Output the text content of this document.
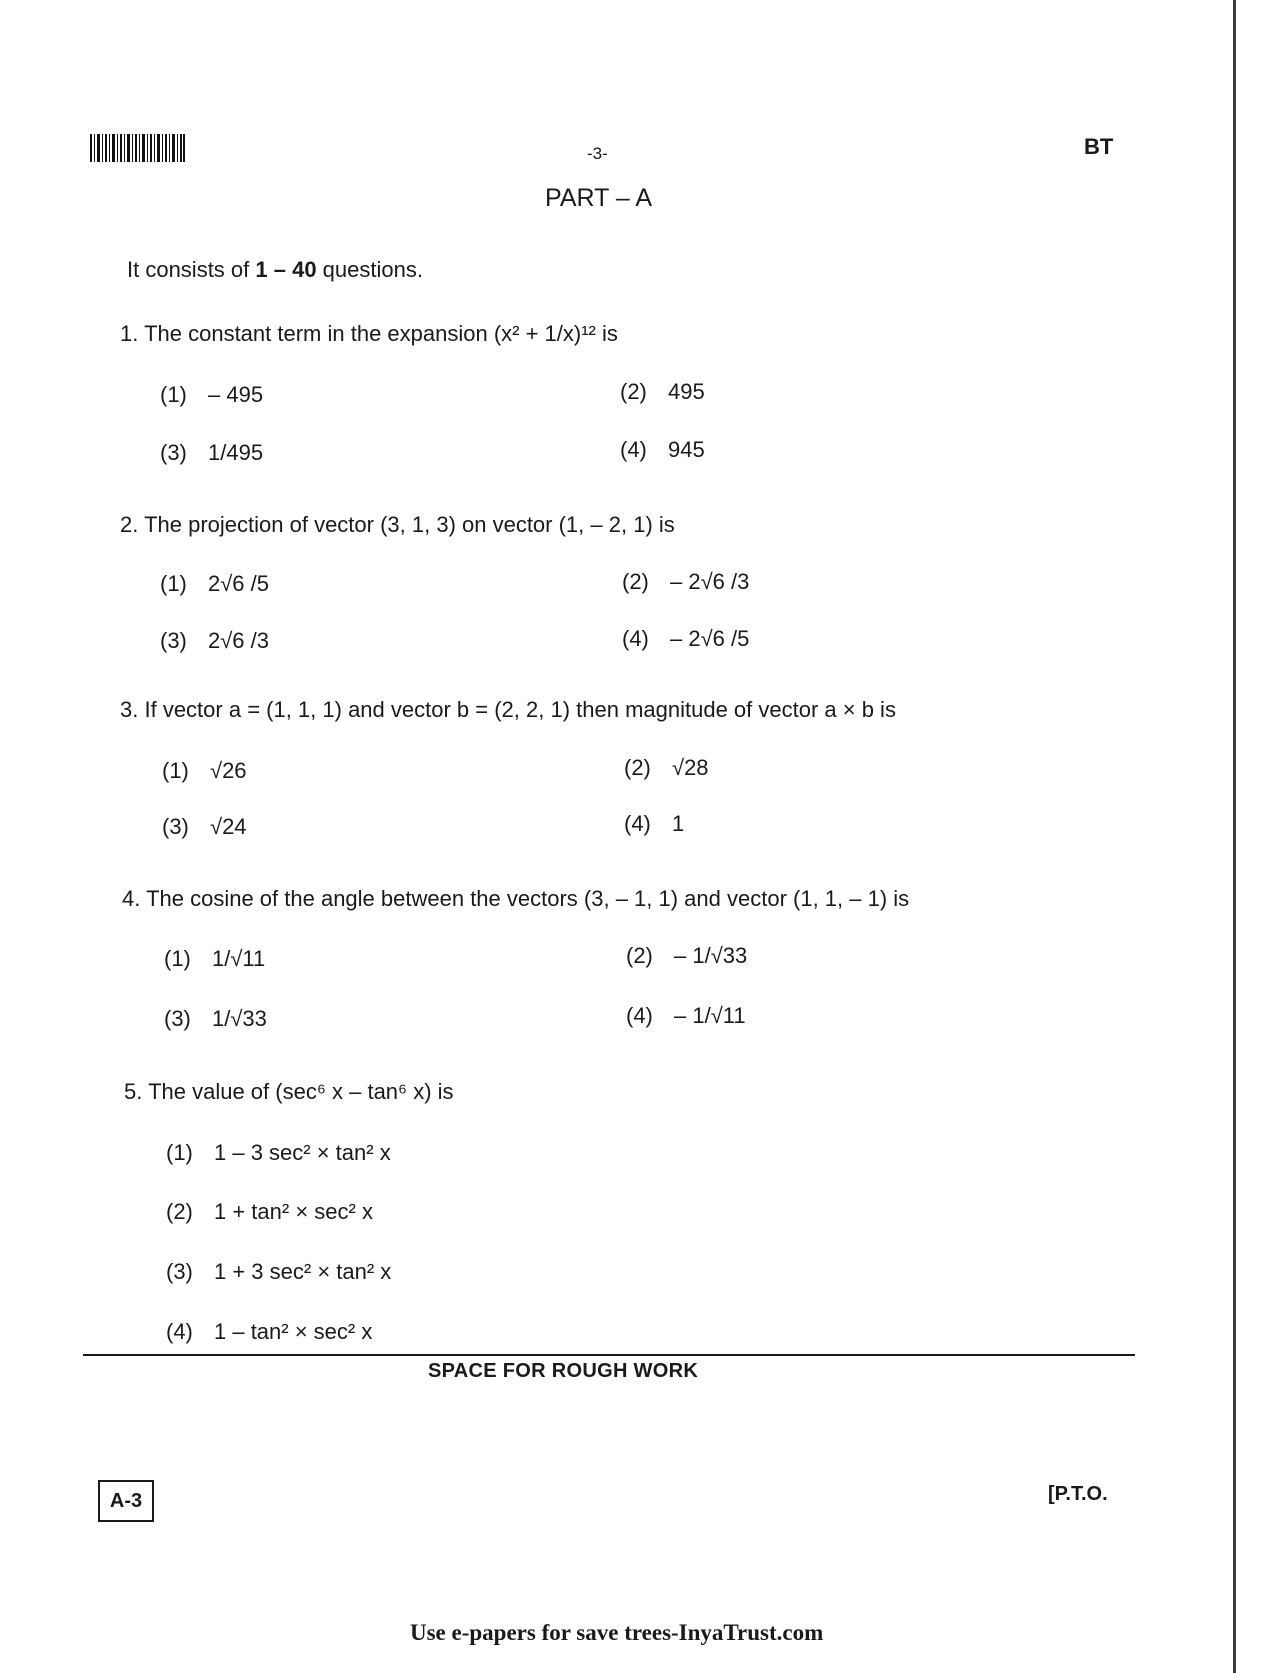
-3-	BT
PART – A
It consists of 1 – 40 questions.
1. The constant term in the expansion (x² + 1/x)¹² is
(1) – 495	(2) 495
(3) 1/495	(4) 945
2. The projection of vector (3, 1, 3) on vector (1, – 2, 1) is
(1) 2√6 /5	(2) – 2√6 /3
(3) 2√6 /3	(4) – 2√6 /5
3. If vector a = (1, 1, 1) and vector b = (2, 2, 1) then magnitude of vector a × b is
(1) √26	(2) √28
(3) √24	(4) 1
4. The cosine of the angle between the vectors (3, – 1, 1) and vector (1, 1, – 1) is
(1) 1/√11	(2) – 1/√33
(3) 1/√33	(4) – 1/√11
5. The value of (sec⁶ x – tan⁶ x) is
(1) 1 – 3 sec² × tan² x
(2) 1 + tan² × sec² x
(3) 1 + 3 sec² × tan² x
(4) 1 – tan² × sec² x
SPACE FOR ROUGH WORK
A-3	[P.T.O.
Use e-papers for save trees-InyaTrust.com
